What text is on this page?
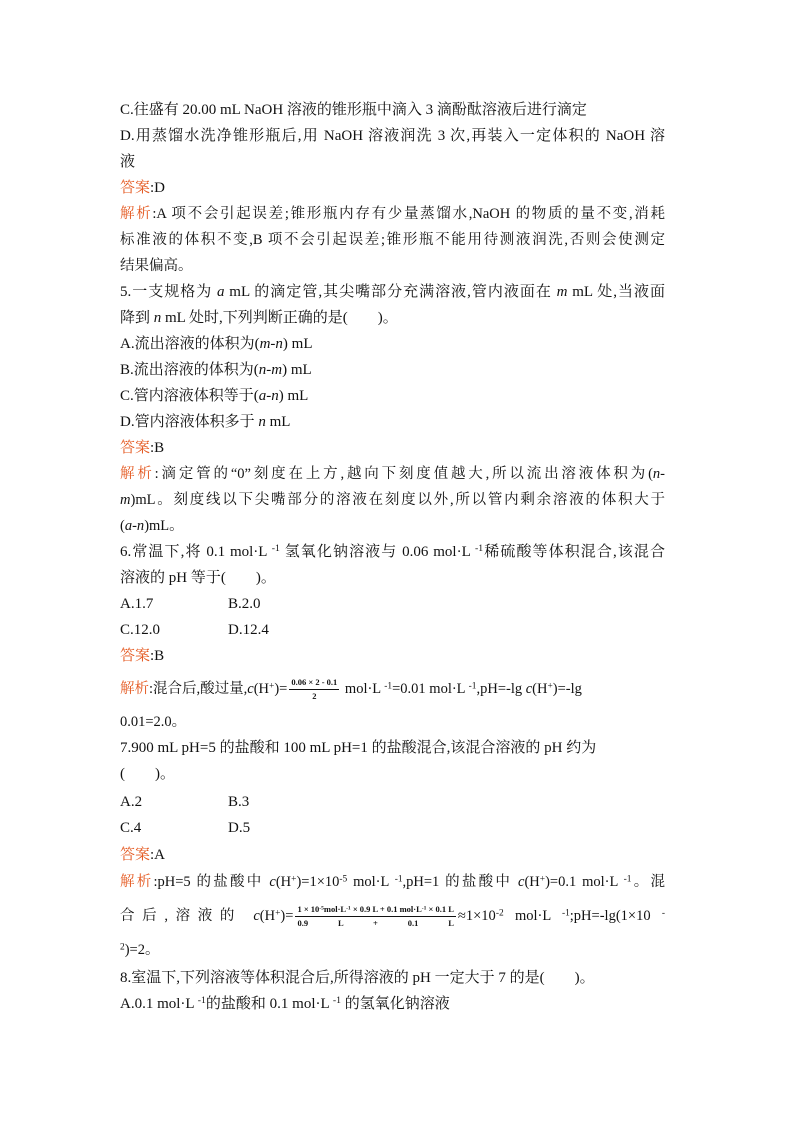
C.往盛有 20.00 mL NaOH 溶液的锥形瓶中滴入 3 滴酚酞溶液后进行滴定
D.用蒸馏水洗净锥形瓶后,用 NaOH 溶液润洗 3 次,再装入一定体积的 NaOH 溶
液
答案:D
解析:A 项不会引起误差;锥形瓶内存有少量蒸馏水,NaOH 的物质的量不变,消耗
标准液的体积不变,B 项不会引起误差;锥形瓶不能用待测液润洗,否则会使测定
结果偏高。
5.一支规格为 a mL 的滴定管,其尖嘴部分充满溶液,管内液面在 m mL 处,当液面
降到 n mL 处时,下列判断正确的是(　　)。
A.流出溶液的体积为(m-n) mL
B.流出溶液的体积为(n-m) mL
C.管内溶液体积等于(a-n) mL
D.管内溶液体积多于 n mL
答案:B
解析:滴定管的“0”刻度在上方,越向下刻度值越大,所以流出溶液体积为(n-
m)mL。刻度线以下尖嘴部分的溶液在刻度以外,所以管内剩余溶液的体积大于
(a-n)mL。
6.常温下,将 0.1 mol·L $^{-1}$ 氢氧化钠溶液与 0.06 mol·L $^{-1}$稀硫酸等体积混合,该混合
溶液的 pH 等于(　　)。
A.1.7	B.2.0
C.12.0	D.12.4
答案:B
解析:混合后,酸过量$,c(H^+)= \frac{0.06 \times 2 - 0.1}{2} mol\cdot L$ $^{-1}$=0.01 mol·L $^{-1}$,pH=-lg c(H+)=-lg
0.01=2.0。
7.900 mL pH=5 的盐酸和 100 mL pH=1 的盐酸混合,该混合溶液的 pH 约为
(　　)。
A.2	B.3
C.4	D.5
答案:A
解析:pH=5 的盐酸中 $c(H^+)=1\times 10^{-5}$ mol·L $^{-1}$,pH=1 的盐酸中 c(H+)=0.1 mol·L $^{-1}$。混
合后,溶液的 $c(H^+)= \frac{1 \times 10^{-5}mol\cdot L^{-1} \times 0.9 L + 0.1 mol\cdot L^{-1} \times 0.1 L}{0.9 L + 0.1 L} \approx 1\times 10^{-2}$ mol·L $^{-1}$;pH=-lg(1×10 -
$^2$)=2。
8.室温下,下列溶液等体积混合后,所得溶液的 pH 一定大于 7 的是(　　)。
A.0.1 mol·L $^{-1}$的盐酸和 0.1 mol·L $^{-1}$ 的氢氧化钠溶液
